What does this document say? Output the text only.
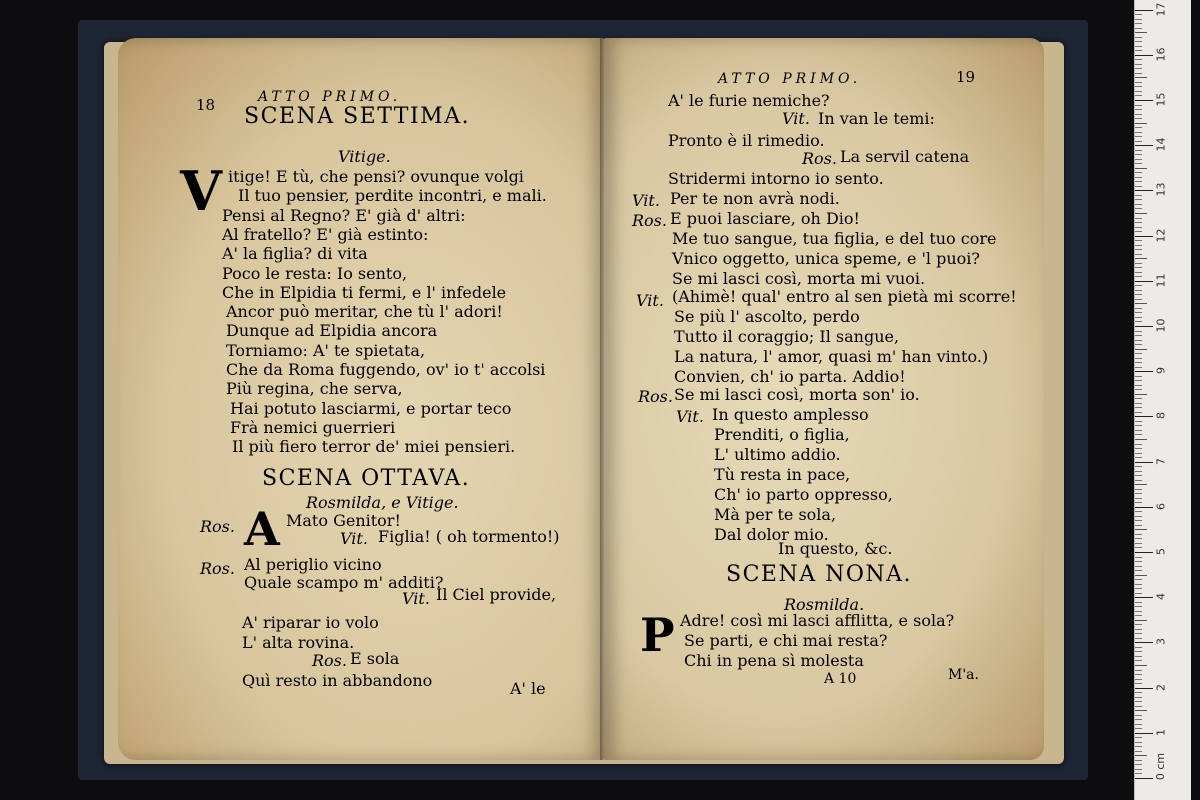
18	ATTO PRIMO.
SCENA SETTIMA.
Vitige.
V itige! E tù, che pensi? ovunque volgi
Il tuo pensier, perdite incontri, e mali.
Pensi al Regno? E' già d' altri:
Al fratello? E' già estinto:
A' la figlia? di vita
Poco le resta: Io sento,
Che in Elpidia ti fermi, e l' infedele
Ancor può meritar, che tù l' adori!
Dunque ad Elpidia ancora
Torniamo: A' te spietata,
Che da Roma fuggendo, ov' io t' accolsi
Più regina, che serva,
Hai potuto lasciarmi, e portar teco
Frà nemici guerrieri
Il più fiero terror de' miei pensieri.
SCENA OTTAVA.
Rosmilda, e Vitige.
Ros. A Mato Genitor!
Vit. Figlia! ( oh tormento!)
Ros. Al periglio vicino
Quale scampo m' additi?
Vit. Il Ciel provide,
A' riparar io volo
L' alta rovina.
Ros. E sola
Quì resto in abbandono	A' le
ATTO PRIMO.	19
A' le furie nemiche?
Vit. In van le temi:
Pronto è il rimedio.
Ros. La servil catena
Stridermi intorno io sento.
Vit. Per te non avrà nodi.
Ros. E puoi lasciare, oh Dio!
Me tuo sangue, tua figlia, e del tuo core
Vnico oggetto, unica speme, e 'l puoi?
Se mi lasci così, morta mi vuoi.
Vit. (Ahimè! qual' entro al sen pietà mi scorre!
Se più l' ascolto, perdo
Tutto il coraggio; Il sangue,
La natura, l' amor, quasi m' han vinto.)
Convien, ch' io parta. Addio!
Ros. Se mi lasci così, morta son' io.
Vit. In questo amplesso
Prenditi, o figlia,
L' ultimo addio.
Tù resta in pace,
Ch' io parto oppresso,
Mà per te sola,
Dal dolor mio.
In questo, &c.
SCENA NONA.
Rosmilda.
P Adre! così mi lasci afflitta, e sola?
Se parti, e chi mai resta?
Chi in pena sì molesta
A 10	M'a.
1
2
3
4
5
6
7
8
9
10
11
12
13
14
15
16
17
0 cm
